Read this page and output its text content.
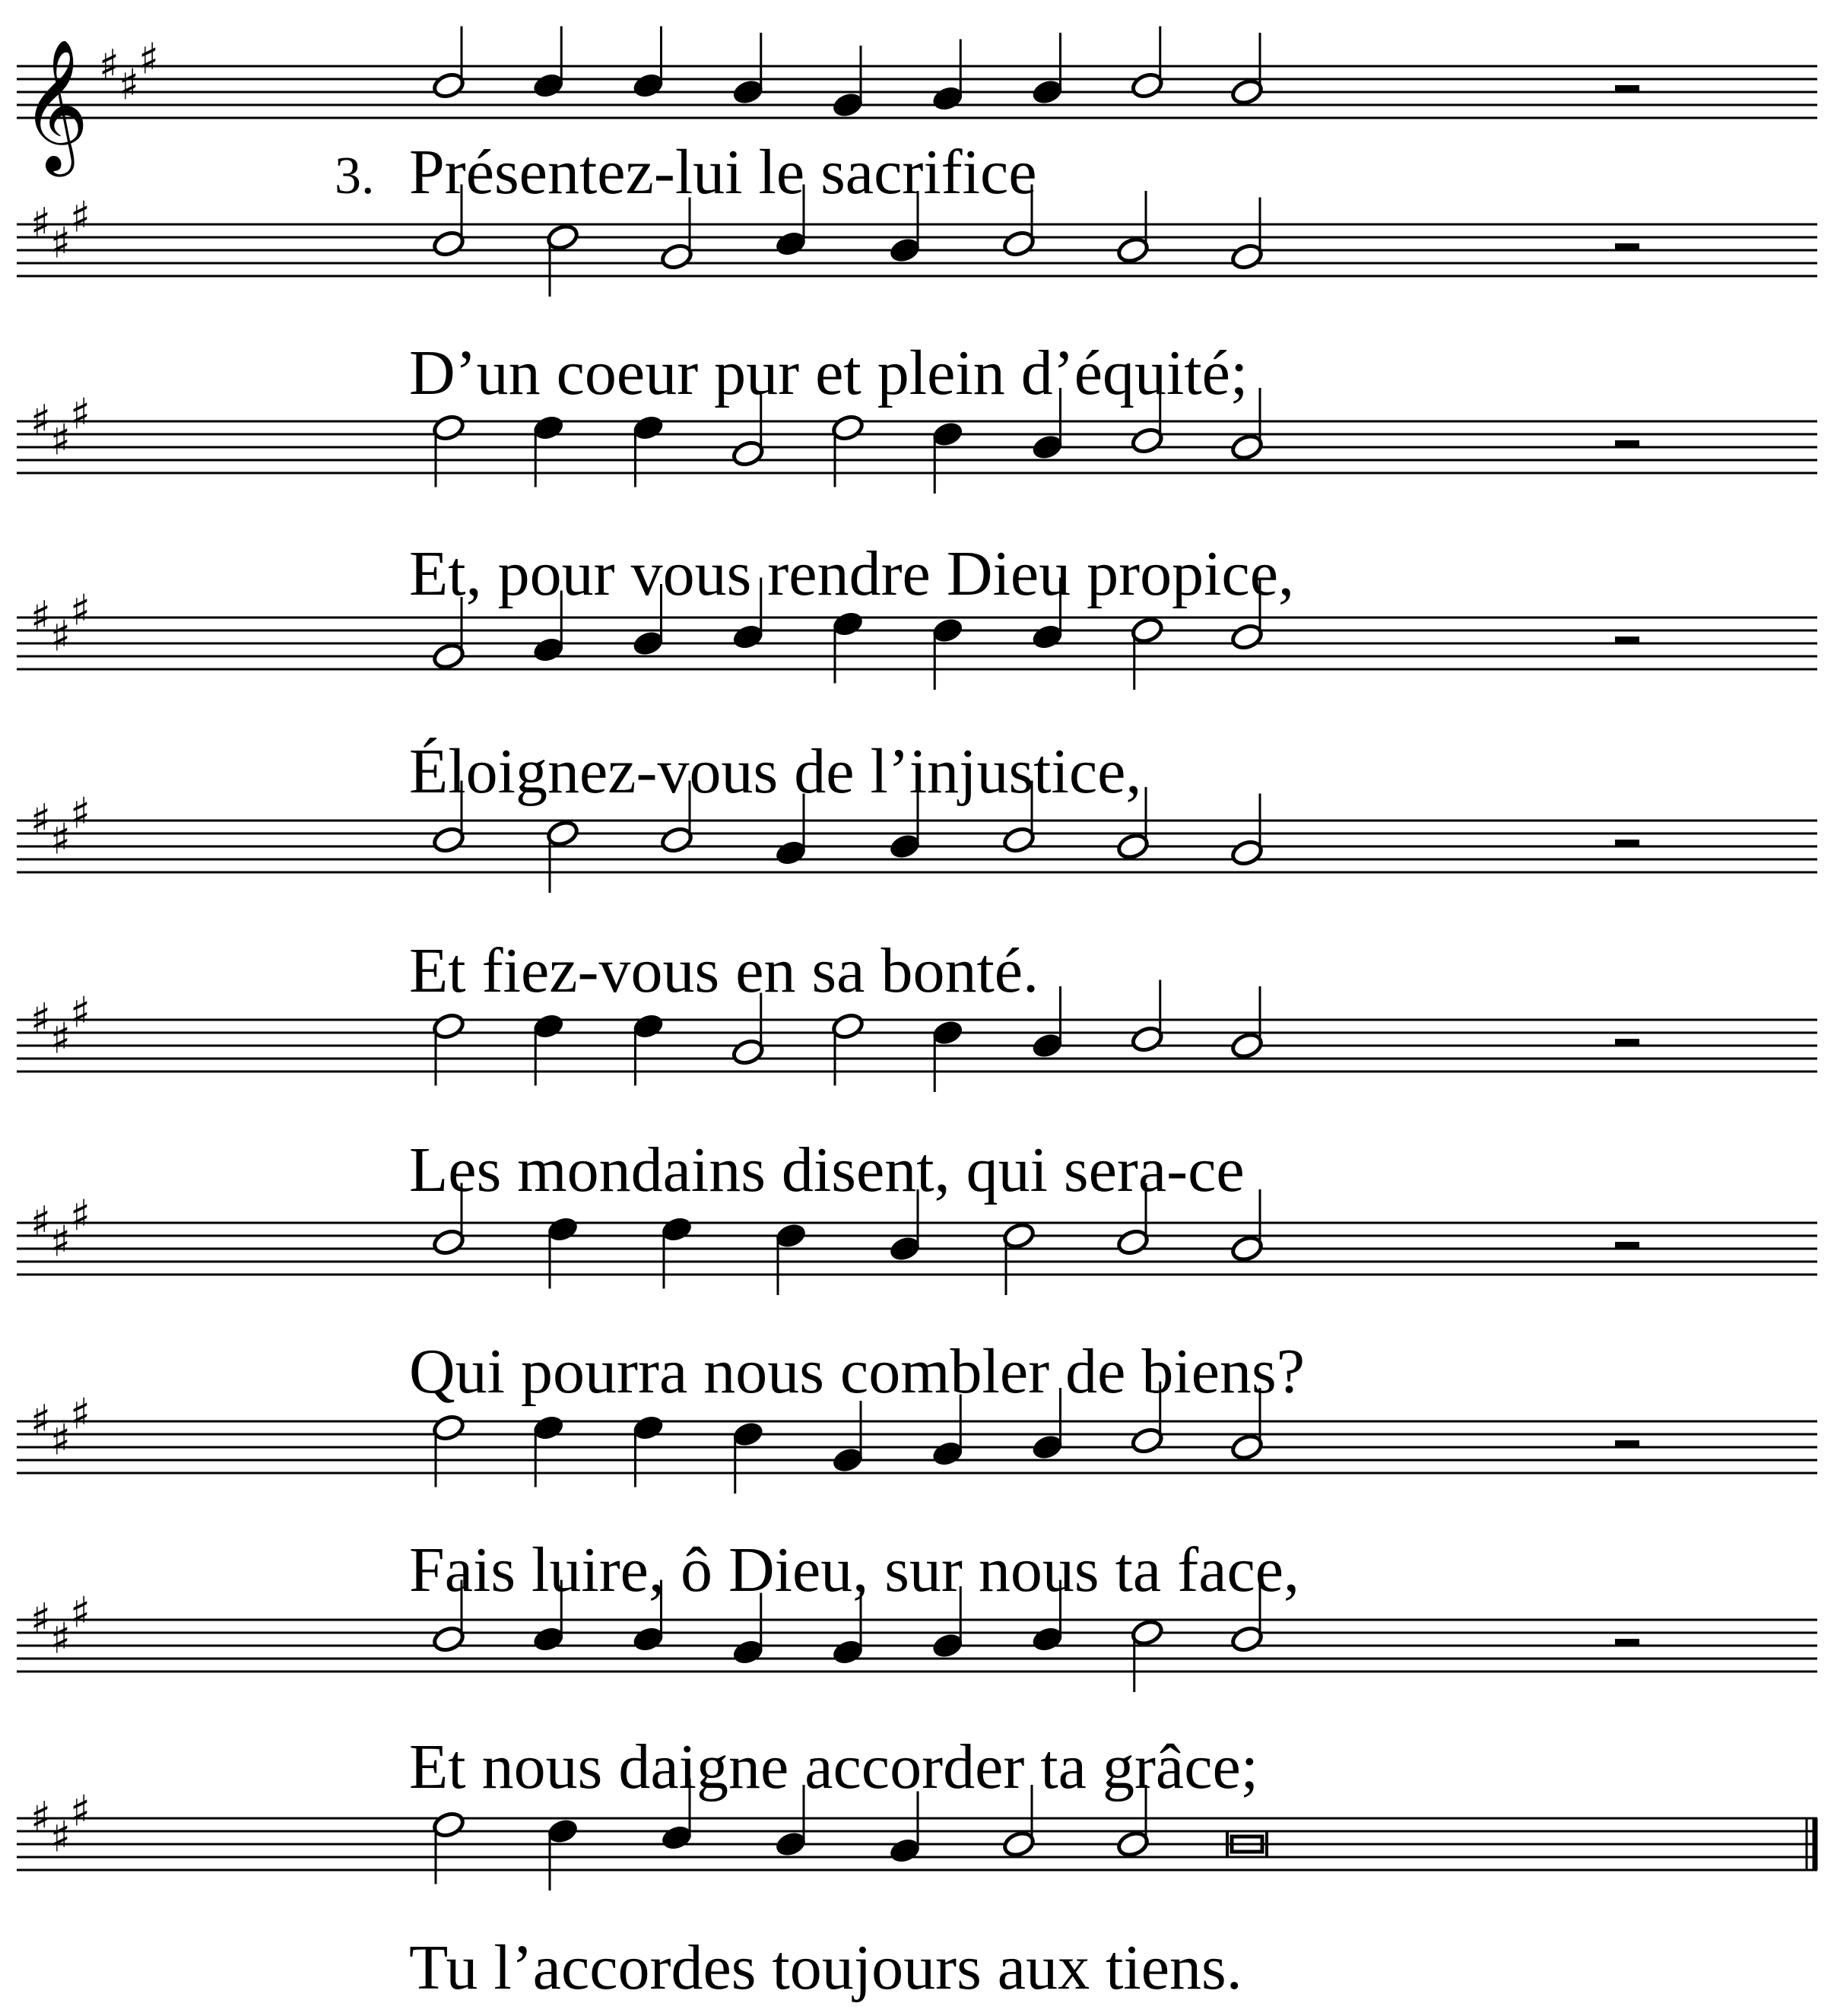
𝄞 ♯
♯
♯
3. Présentez-lui le sacrifice
♯
♯
♯
D’un coeur pur et plein d’équité;
♯
♯
♯
Et, pour vous rendre Dieu propice,
♯
♯
♯
Éloignez-vous de l’injustice,
♯
♯
♯
Et fiez-vous en sa bonté.
♯
♯
♯
Les mondains disent, qui sera-ce
♯
♯
♯
Qui pourra nous combler de biens?
♯
♯
♯
Fais luire, ô Dieu, sur nous ta face,
♯
♯
♯
Et nous daigne accorder ta grâce;
♯
♯
♯
Tu l’accordes toujours aux tiens.
